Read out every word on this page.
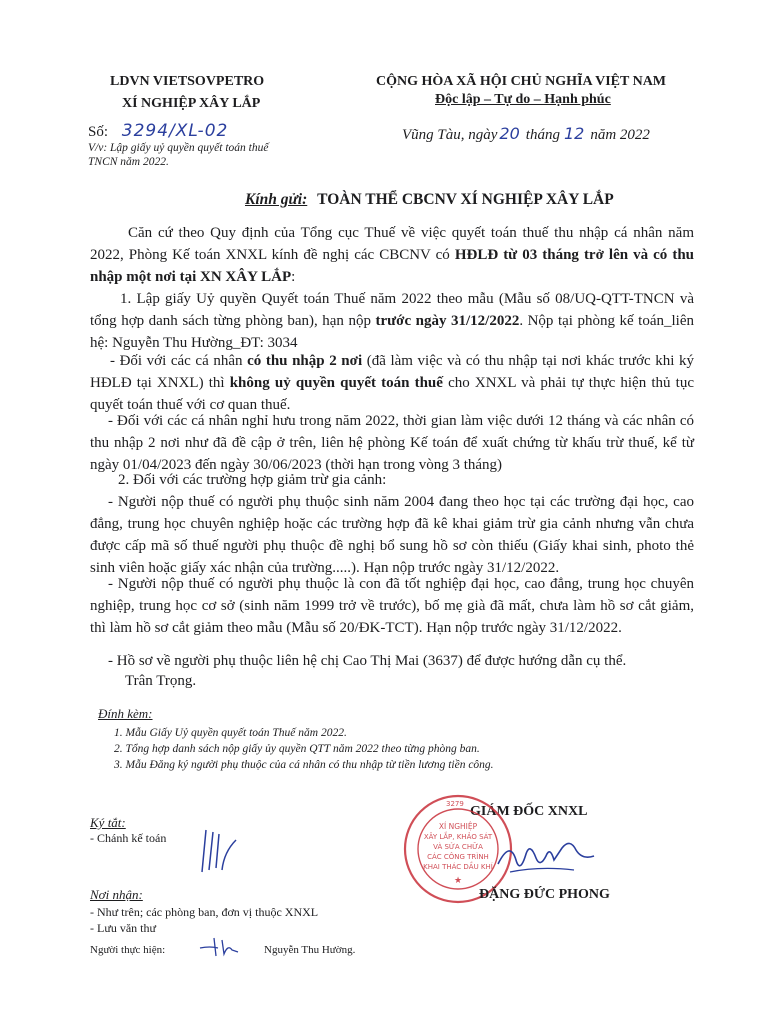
LDVN VIETSOVPETRO
XÍ NGHIỆP XÂY LẮP
Số: 3294/XL-02
V/v: Lập giấy uỷ quyền quyết toán thuế
TNCN năm 2022.
CỘNG HÒA XÃ HỘI CHỦ NGHĨA VIỆT NAM
Độc lập – Tự do – Hạnh phúc
Vũng Tàu, ngày 20 tháng 12 năm 2022
Kính gửi: TOÀN THỂ CBCNV XÍ NGHIỆP XÂY LẮP
Căn cứ theo Quy định của Tổng cục Thuế về việc quyết toán thuế thu nhập cá nhân năm 2022, Phòng Kế toán XNXL kính đề nghị các CBCNV có HĐLĐ từ 03 tháng trở lên và có thu nhập một nơi tại XN XÂY LẮP:
1. Lập giấy Uỷ quyền Quyết toán Thuế năm 2022 theo mẫu (Mẫu số 08/UQ-QTT-TNCN và tổng hợp danh sách từng phòng ban), hạn nộp trước ngày 31/12/2022. Nộp tại phòng kế toán_liên hệ: Nguyễn Thu Hường_ĐT: 3034
- Đối với các cá nhân có thu nhập 2 nơi (đã làm việc và có thu nhập tại nơi khác trước khi ký HĐLĐ tại XNXL) thì không uỷ quyền quyết toán thuế cho XNXL và phải tự thực hiện thủ tục quyết toán thuế với cơ quan thuế.
- Đối với các cá nhân nghỉ hưu trong năm 2022, thời gian làm việc dưới 12 tháng và các nhân có thu nhập 2 nơi như đã đề cập ở trên, liên hệ phòng Kế toán để xuất chứng từ khấu trừ thuế, kể từ ngày 01/04/2023 đến ngày 30/06/2023 (thời hạn trong vòng 3 tháng)
2. Đối với các trường hợp giảm trừ gia cảnh:
- Người nộp thuế có người phụ thuộc sinh năm 2004 đang theo học tại các trường đại học, cao đẳng, trung học chuyên nghiệp hoặc các trường hợp đã kê khai giảm trừ gia cảnh nhưng vẫn chưa được cấp mã số thuế người phụ thuộc đề nghị bổ sung hồ sơ còn thiếu (Giấy khai sinh, photo thẻ sinh viên hoặc giấy xác nhận của trường.....). Hạn nộp trước ngày 31/12/2022.
- Người nộp thuế có người phụ thuộc là con đã tốt nghiệp đại học, cao đẳng, trung học chuyên nghiệp, trung học cơ sở (sinh năm 1999 trở về trước), bố mẹ già đã mất, chưa làm hồ sơ cắt giảm, thì làm hồ sơ cắt giảm theo mẫu (Mẫu số 20/ĐK-TCT). Hạn nộp trước ngày 31/12/2022.
- Hồ sơ về người phụ thuộc liên hệ chị Cao Thị Mai (3637) để được hướng dẫn cụ thể.
Trân Trọng.
Đính kèm:
1. Mẫu Giấy Uỷ quyền quyết toán Thuế năm 2022.
2. Tổng hợp danh sách nộp giấy ủy quyền QTT năm 2022 theo từng phòng ban.
3. Mẫu Đăng ký người phụ thuộc của cá nhân có thu nhập từ tiền lương tiền công.
Ký tắt:
- Chánh kế toán
Nơi nhận:
- Như trên; các phòng ban, đơn vị thuộc XNXL
- Lưu văn thư
Người thực hiện:	Nguyễn Thu Hường.
GIÁM ĐỐC XNXL
XÍ NGHIỆP
XÂY LẮP, KHẢO SÁT
VÀ SỬA CHỮA
CÁC CÔNG TRÌNH
KHAI THÁC DẦU KHÍ
3279
★
ĐẶNG ĐỨC PHONG
